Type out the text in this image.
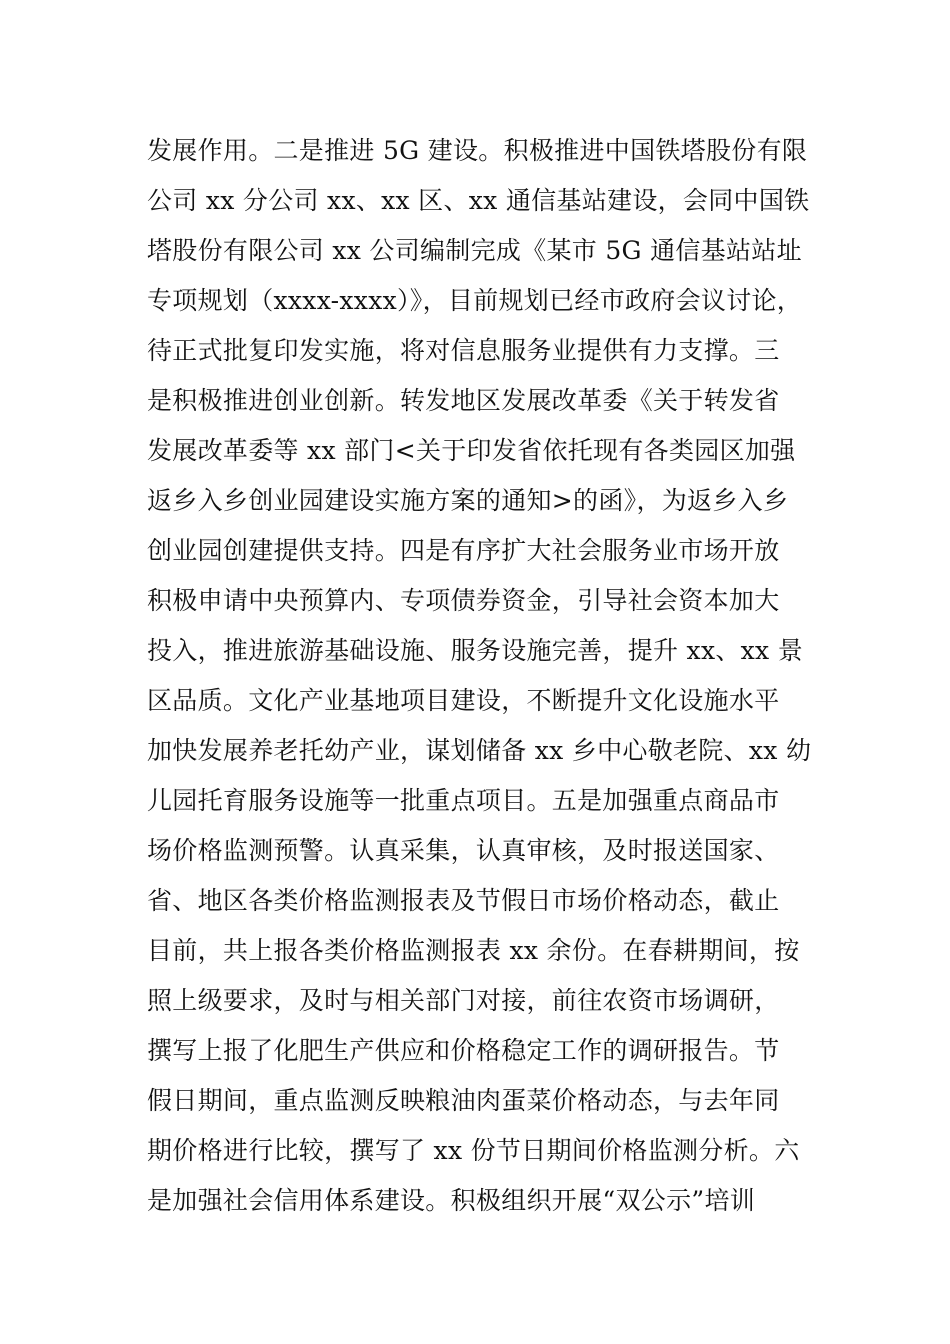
发展作用。二是推进 5G 建设。积极推进中国铁塔股份有限
公司 xx 分公司 xx、xx 区、xx 通信基站建设，会同中国铁
塔股份有限公司 xx 公司编制完成《某市 5G 通信基站站址
专项规划（xxxx-xxxx）》，目前规划已经市政府会议讨论，
待正式批复印发实施，将对信息服务业提供有力支撑。三
是积极推进创业创新。转发地区发展改革委《关于转发省
发展改革委等 xx 部门<关于印发省依托现有各类园区加强
返乡入乡创业园建设实施方案的通知>的函》，为返乡入乡
创业园创建提供支持。四是有序扩大社会服务业市场开放
积极申请中央预算内、专项债券资金，引导社会资本加大
投入，推进旅游基础设施、服务设施完善，提升 xx、xx 景
区品质。文化产业基地项目建设，不断提升文化设施水平
加快发展养老托幼产业，谋划储备 xx 乡中心敬老院、xx 幼
儿园托育服务设施等一批重点项目。五是加强重点商品市
场价格监测预警。认真采集，认真审核，及时报送国家、
省、地区各类价格监测报表及节假日市场价格动态，截止
目前，共上报各类价格监测报表 xx 余份。在春耕期间，按
照上级要求，及时与相关部门对接，前往农资市场调研，
撰写上报了化肥生产供应和价格稳定工作的调研报告。节
假日期间，重点监测反映粮油肉蛋菜价格动态，与去年同
期价格进行比较，撰写了 xx 份节日期间价格监测分析。六
是加强社会信用体系建设。积极组织开展“双公示”培训
